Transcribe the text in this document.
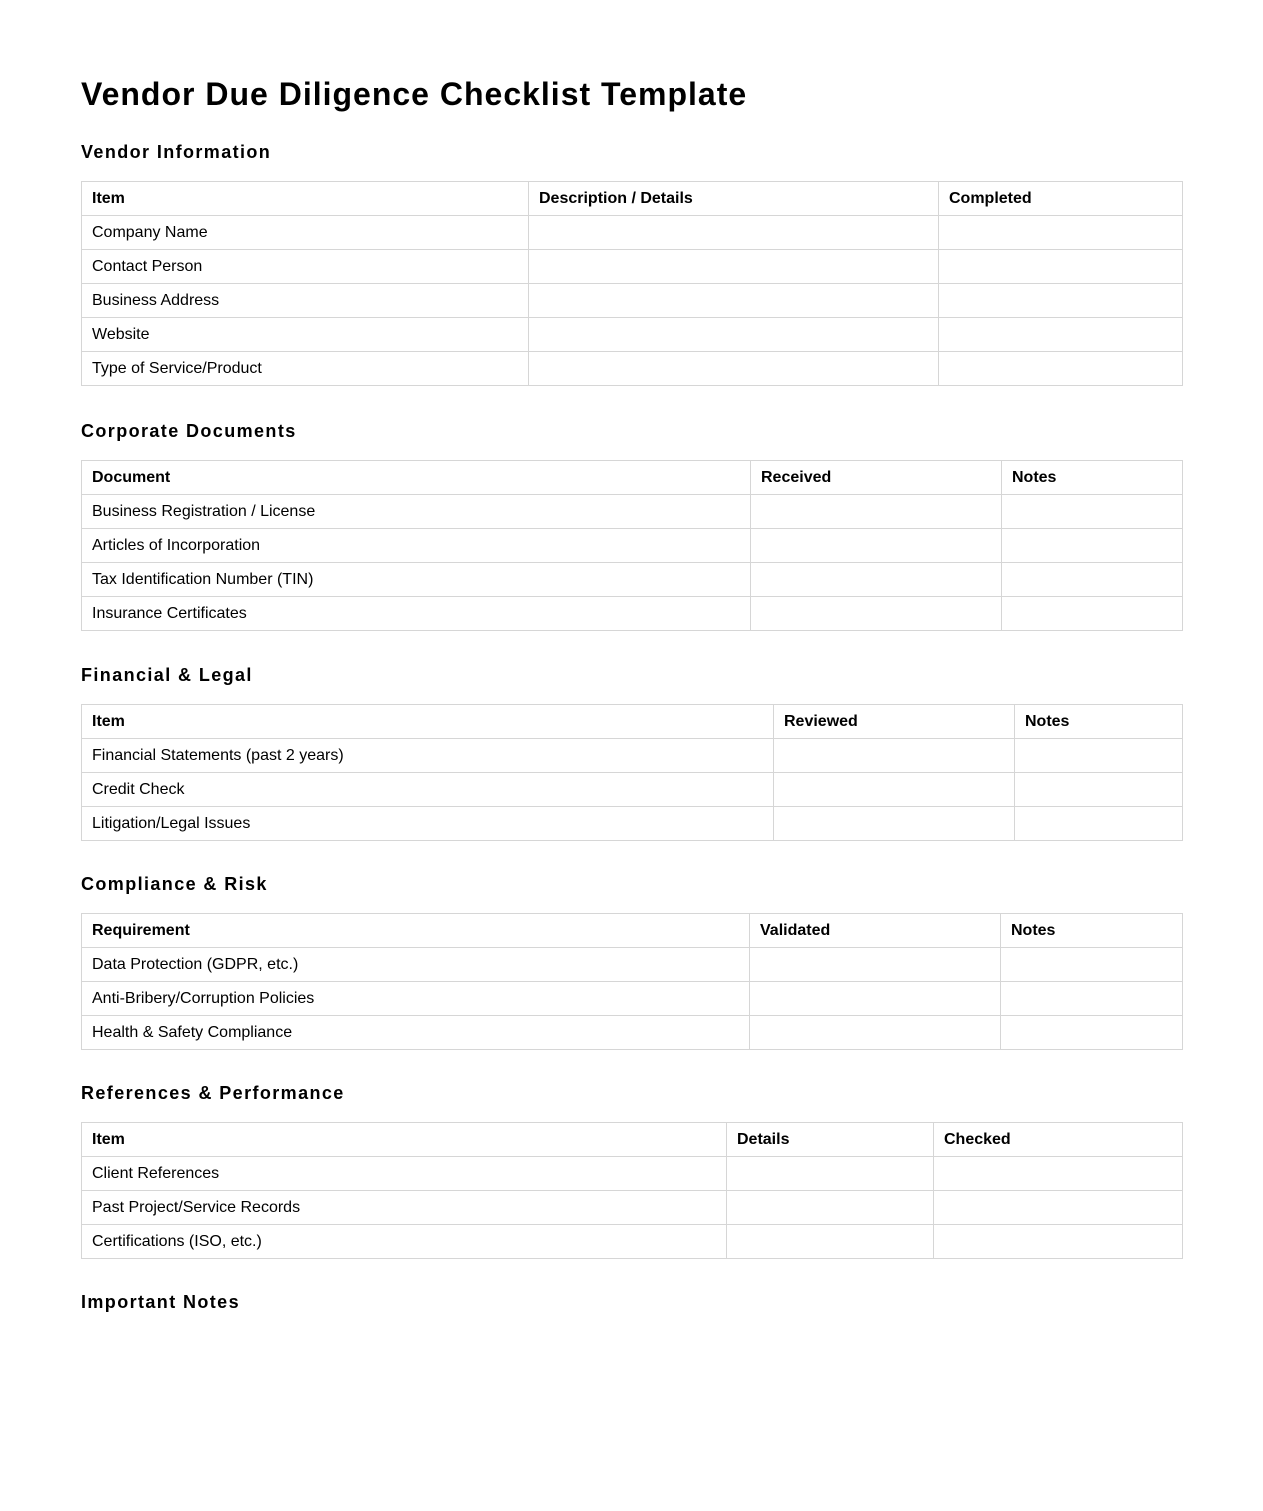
Vendor Due Diligence Checklist Template
Vendor Information
Item	Description / Details	Completed
Company Name		
Contact Person		
Business Address		
Website		
Type of Service/Product		
Corporate Documents
Document	Received	Notes
Business Registration / License		
Articles of Incorporation		
Tax Identification Number (TIN)		
Insurance Certificates		
Financial & Legal
Item	Reviewed	Notes
Financial Statements (past 2 years)		
Credit Check		
Litigation/Legal Issues		
Compliance & Risk
Requirement	Validated	Notes
Data Protection (GDPR, etc.)		
Anti-Bribery/Corruption Policies		
Health & Safety Compliance		
References & Performance
Item	Details	Checked
Client References		
Past Project/Service Records		
Certifications (ISO, etc.)		
Important Notes
